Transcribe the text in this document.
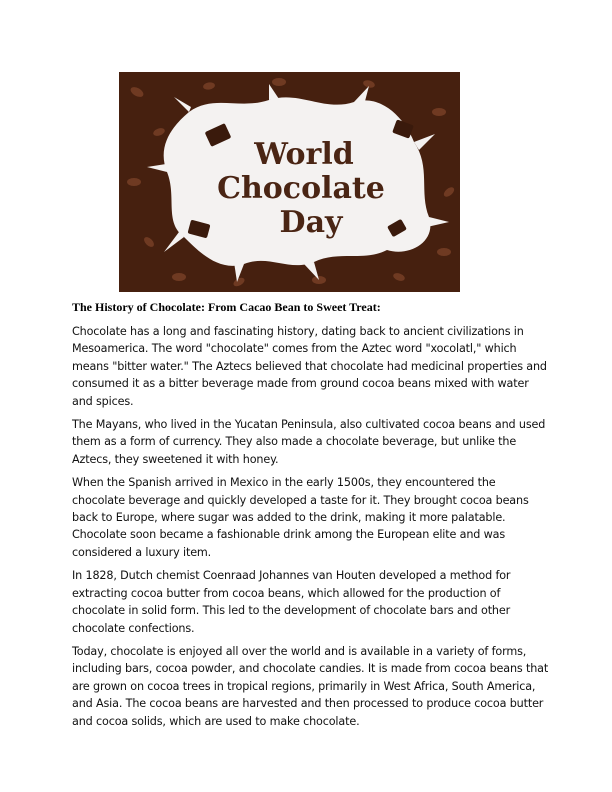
World
Chocolate
Day
The History of Chocolate: From Cacao Bean to Sweet Treat:

Chocolate has a long and fascinating history, dating back to ancient civilizations in Mesoamerica. The word "chocolate" comes from the Aztec word "xocolatl," which means "bitter water." The Aztecs believed that chocolate had medicinal properties and consumed it as a bitter beverage made from ground cocoa beans mixed with water and spices.

The Mayans, who lived in the Yucatan Peninsula, also cultivated cocoa beans and used them as a form of currency. They also made a chocolate beverage, but unlike the Aztecs, they sweetened it with honey.

When the Spanish arrived in Mexico in the early 1500s, they encountered the chocolate beverage and quickly developed a taste for it. They brought cocoa beans back to Europe, where sugar was added to the drink, making it more palatable. Chocolate soon became a fashionable drink among the European elite and was considered a luxury item.

In 1828, Dutch chemist Coenraad Johannes van Houten developed a method for extracting cocoa butter from cocoa beans, which allowed for the production of chocolate in solid form. This led to the development of chocolate bars and other chocolate confections.

Today, chocolate is enjoyed all over the world and is available in a variety of forms, including bars, cocoa powder, and chocolate candies. It is made from cocoa beans that are grown on cocoa trees in tropical regions, primarily in West Africa, South America, and Asia. The cocoa beans are harvested and then processed to produce cocoa butter and cocoa solids, which are used to make chocolate.
